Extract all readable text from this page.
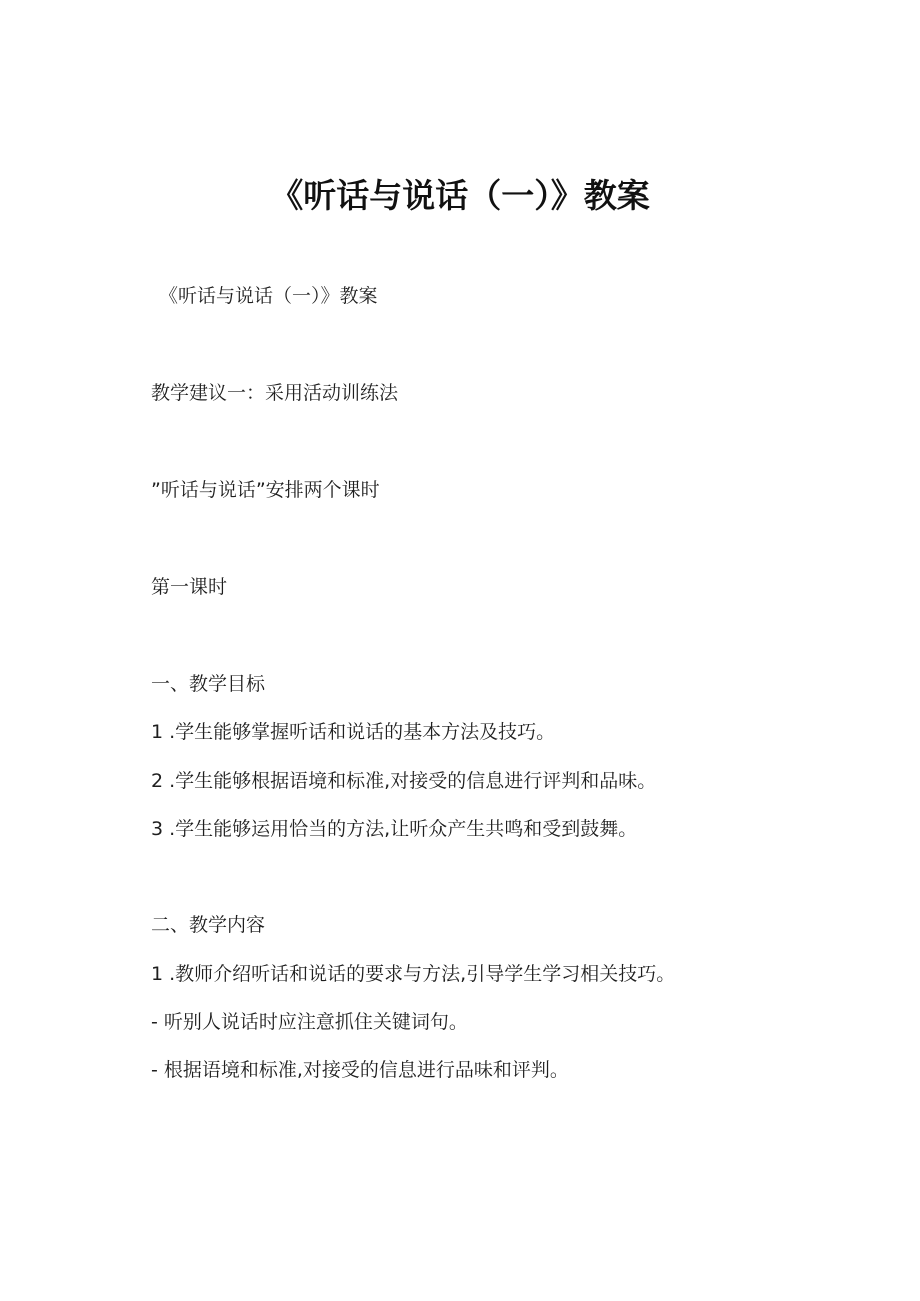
《听话与说话（一）》教案
《听话与说话（一）》教案
教学建议一：采用活动训练法
”听话与说话”安排两个课时
第一课时
一、教学目标
1 .学生能够掌握听话和说话的基本方法及技巧。
2 .学生能够根据语境和标准,对接受的信息进行评判和品味。
3 .学生能够运用恰当的方法,让听众产生共鸣和受到鼓舞。
二、教学内容
1 .教师介绍听话和说话的要求与方法,引导学生学习相关技巧。
- 听别人说话时应注意抓住关键词句。
- 根据语境和标准,对接受的信息进行品味和评判。
